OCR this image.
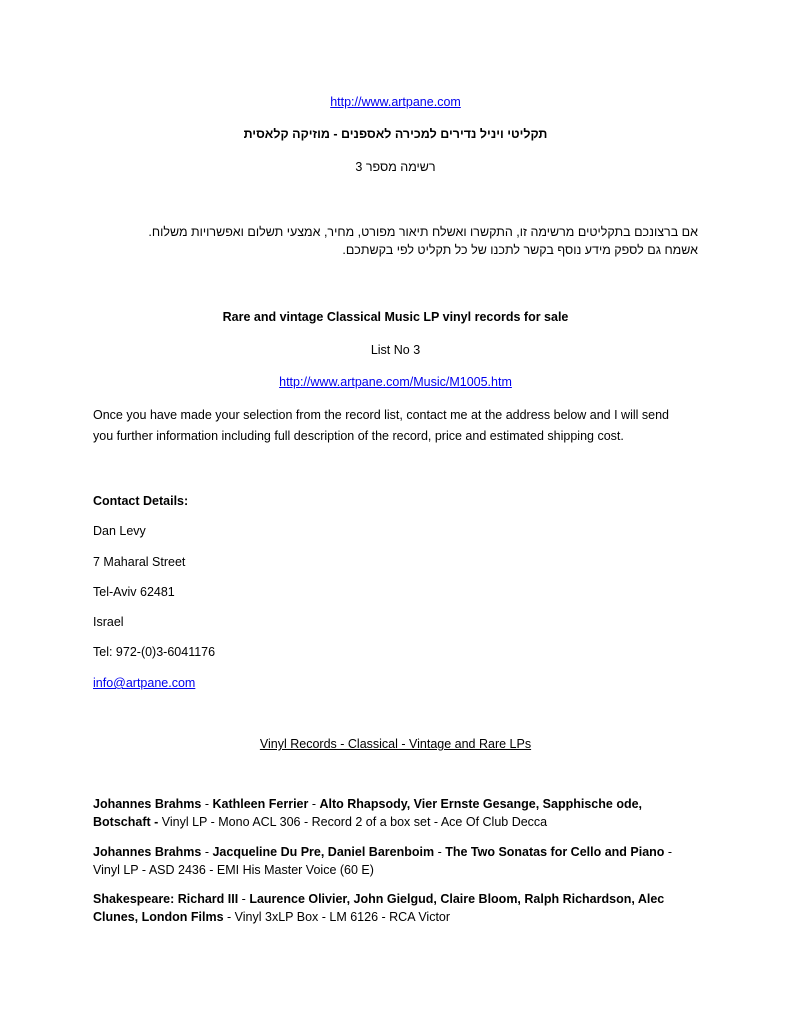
http://www.artpane.com
תקליטי ויניל נדירים למכירה לאספנים - מוזיקה קלאסית
רשימה מספר 3
אם ברצונכם בתקליטים מרשימה זו, התקשרו ואשלח תיאור מפורט, מחיר, אמצעי תשלום ואפשרויות משלוח.
אשמח גם לספק מידע נוסף בקשר לתכנו של כל תקליט לפי בקשתכם.
Rare and vintage Classical Music LP vinyl records for sale
List No 3
http://www.artpane.com/Music/M1005.htm
Once you have made your selection from the record list, contact me at the address below and I will send
you further information including full description of the record, price and estimated shipping cost.
Contact Details:
Dan Levy
7 Maharal Street
Tel-Aviv 62481
Israel
Tel: 972-(0)3-6041176
info@artpane.com
Vinyl Records - Classical - Vintage and Rare LPs
Johannes Brahms - Kathleen Ferrier - Alto Rhapsody, Vier Ernste Gesange, Sapphische ode, Botschaft - Vinyl LP - Mono ACL 306 - Record 2 of a box set - Ace Of Club Decca
Johannes Brahms - Jacqueline Du Pre, Daniel Barenboim - The Two Sonatas for Cello and Piano - Vinyl LP - ASD 2436 - EMI His Master Voice (60 E)
Shakespeare: Richard III - Laurence Olivier, John Gielgud, Claire Bloom, Ralph Richardson, Alec Clunes, London Films - Vinyl 3xLP Box - LM 6126 - RCA Victor
